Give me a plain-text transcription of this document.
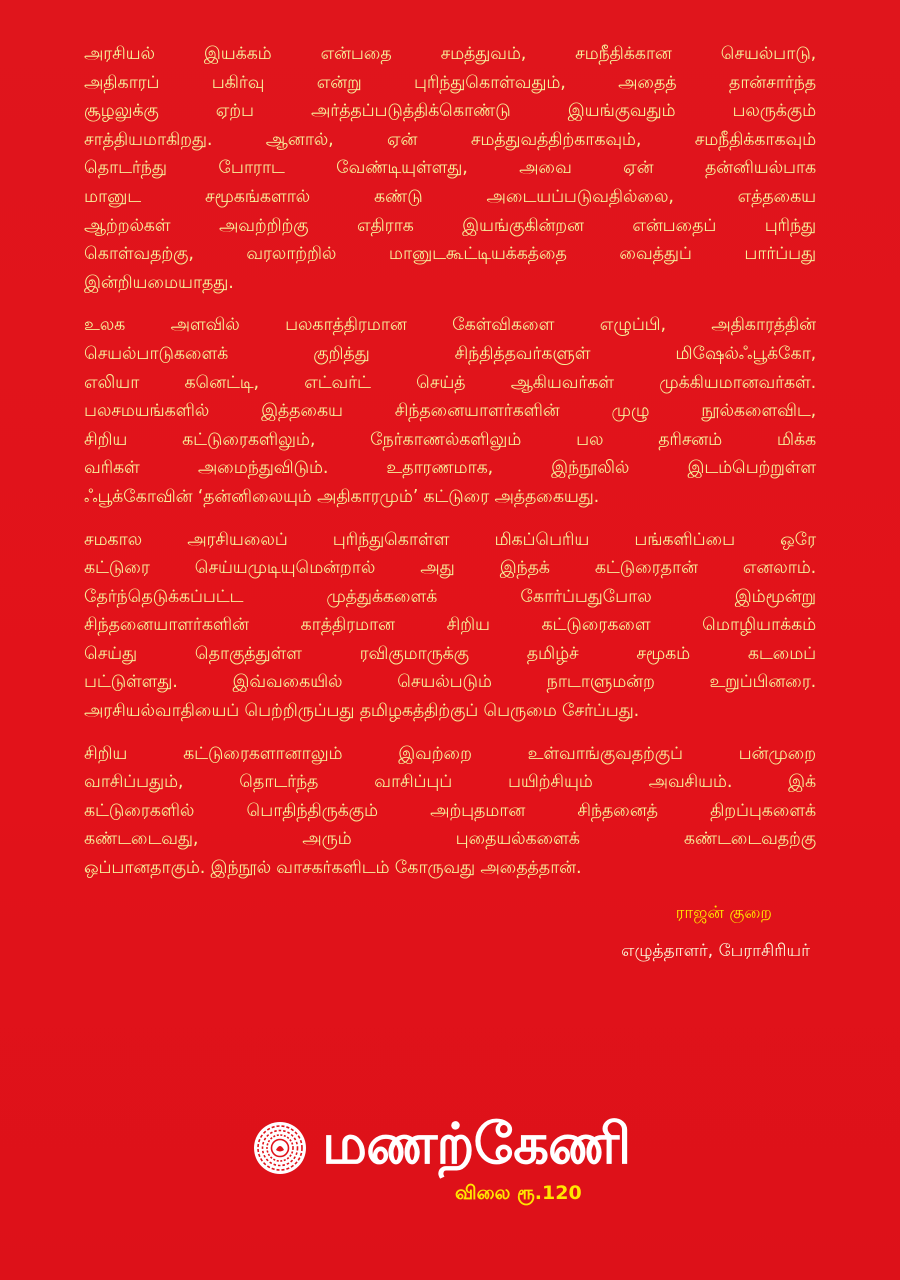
அரசியல் இயக்கம் என்பதை சமத்துவம், சமநீதிக்கான செயல்பாடு,
அதிகாரப் பகிர்வு என்று புரிந்துகொள்வதும், அதைத் தான்சார்ந்த
சூழலுக்கு ஏற்ப அர்த்தப்படுத்திக்கொண்டு இயங்குவதும் பலருக்கும்
சாத்தியமாகிறது. ஆனால், ஏன் சமத்துவத்திற்காகவும், சமநீதிக்காகவும்
தொடர்ந்து போராட வேண்டியுள்ளது, அவை ஏன் தன்னியல்பாக
மானுட சமூகங்களால் கண்டு அடையப்படுவதில்லை, எத்தகைய
ஆற்றல்கள் அவற்றிற்கு எதிராக இயங்குகின்றன என்பதைப் புரிந்து
கொள்வதற்கு, வரலாற்றில் மானுடகூட்டியக்கத்தை வைத்துப் பார்ப்பது
இன்றியமையாதது.

உலக அளவில் பலகாத்திரமான கேள்விகளை எழுப்பி, அதிகாரத்தின்
செயல்பாடுகளைக் குறித்து சிந்தித்தவர்களுள் மிஷேல்ஃபூக்கோ,
எலியா கனெட்டி, எட்வர்ட் செய்த் ஆகியவர்கள் முக்கியமானவர்கள்.
பலசமயங்களில் இத்தகைய சிந்தனையாளர்களின் முழு நூல்களைவிட,
சிறிய கட்டுரைகளிலும், நேர்காணல்களிலும் பல தரிசனம் மிக்க
வரிகள் அமைந்துவிடும். உதாரணமாக, இந்நூலில் இடம்பெற்றுள்ள
ஃபூக்கோவின் ‘தன்னிலையும் அதிகாரமும்’ கட்டுரை அத்தகையது.

சமகால அரசியலைப் புரிந்துகொள்ள மிகப்பெரிய பங்களிப்பை ஒரே
கட்டுரை செய்யமுடியுமென்றால் அது இந்தக் கட்டுரைதான் எனலாம்.
தேர்ந்தெடுக்கப்பட்ட முத்துக்களைக் கோர்ப்பதுபோல இம்மூன்று
சிந்தனையாளர்களின் காத்திரமான சிறிய கட்டுரைகளை மொழியாக்கம்
செய்து தொகுத்துள்ள ரவிகுமாருக்கு தமிழ்ச் சமூகம் கடமைப்
பட்டுள்ளது. இவ்வகையில் செயல்படும் நாடாளுமன்ற உறுப்பினரை.
அரசியல்வாதியைப் பெற்றிருப்பது தமிழகத்திற்குப் பெருமை சேர்ப்பது.

சிறிய கட்டுரைகளானாலும் இவற்றை உள்வாங்குவதற்குப் பன்முறை
வாசிப்பதும், தொடர்ந்த வாசிப்புப் பயிற்சியும் அவசியம். இக்
கட்டுரைகளில் பொதிந்திருக்கும் அற்புதமான சிந்தனைத் திறப்புகளைக்
கண்டடைவது, அரும் புதையல்களைக் கண்டடைவதற்கு
ஒப்பானதாகும். இந்நூல் வாசகர்களிடம் கோருவது அதைத்தான்.

ராஜன் குறை
எழுத்தாளர், பேராசிரியர்
மணற்கேணி
விலை ரூ.120
